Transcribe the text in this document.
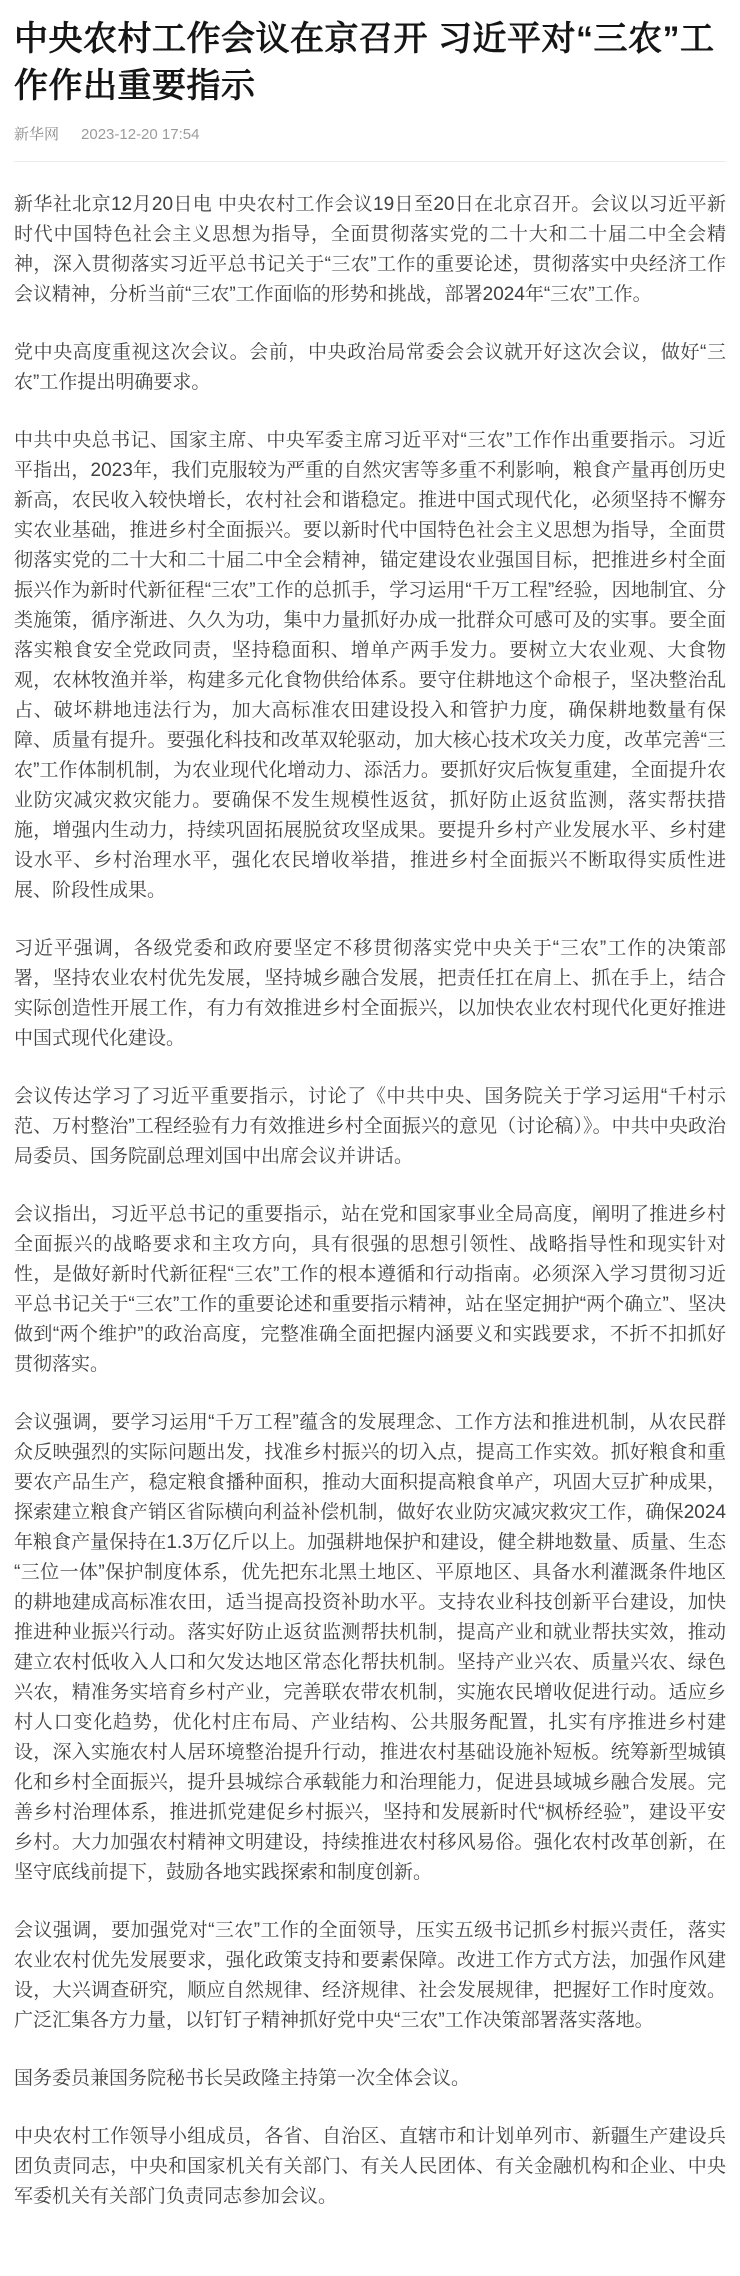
中央农村工作会议在京召开 习近平对“三农”工作作出重要指示
新华网 2023-12-20 17:54

新华社北京12月20日电 中央农村工作会议19日至20日在北京召开。会议以习近平新时代中国特色社会主义思想为指导，全面贯彻落实党的二十大和二十届二中全会精神，深入贯彻落实习近平总书记关于“三农”工作的重要论述，贯彻落实中央经济工作会议精神，分析当前“三农”工作面临的形势和挑战，部署2024年“三农”工作。

党中央高度重视这次会议。会前，中央政治局常委会会议就开好这次会议，做好“三农”工作提出明确要求。

中共中央总书记、国家主席、中央军委主席习近平对“三农”工作作出重要指示。习近平指出，2023年，我们克服较为严重的自然灾害等多重不利影响，粮食产量再创历史新高，农民收入较快增长，农村社会和谐稳定。推进中国式现代化，必须坚持不懈夯实农业基础，推进乡村全面振兴。要以新时代中国特色社会主义思想为指导，全面贯彻落实党的二十大和二十届二中全会精神，锚定建设农业强国目标，把推进乡村全面振兴作为新时代新征程“三农”工作的总抓手，学习运用“千万工程”经验，因地制宜、分类施策，循序渐进、久久为功，集中力量抓好办成一批群众可感可及的实事。要全面落实粮食安全党政同责，坚持稳面积、增单产两手发力。要树立大农业观、大食物观，农林牧渔并举，构建多元化食物供给体系。要守住耕地这个命根子，坚决整治乱占、破坏耕地违法行为，加大高标准农田建设投入和管护力度，确保耕地数量有保障、质量有提升。要强化科技和改革双轮驱动，加大核心技术攻关力度，改革完善“三农”工作体制机制，为农业现代化增动力、添活力。要抓好灾后恢复重建，全面提升农业防灾减灾救灾能力。要确保不发生规模性返贫，抓好防止返贫监测，落实帮扶措施，增强内生动力，持续巩固拓展脱贫攻坚成果。要提升乡村产业发展水平、乡村建设水平、乡村治理水平，强化农民增收举措，推进乡村全面振兴不断取得实质性进展、阶段性成果。

习近平强调，各级党委和政府要坚定不移贯彻落实党中央关于“三农”工作的决策部署，坚持农业农村优先发展，坚持城乡融合发展，把责任扛在肩上、抓在手上，结合实际创造性开展工作，有力有效推进乡村全面振兴，以加快农业农村现代化更好推进中国式现代化建设。

会议传达学习了习近平重要指示，讨论了《中共中央、国务院关于学习运用“千村示范、万村整治”工程经验有力有效推进乡村全面振兴的意见（讨论稿）》。中共中央政治局委员、国务院副总理刘国中出席会议并讲话。

会议指出，习近平总书记的重要指示，站在党和国家事业全局高度，阐明了推进乡村全面振兴的战略要求和主攻方向，具有很强的思想引领性、战略指导性和现实针对性，是做好新时代新征程“三农”工作的根本遵循和行动指南。必须深入学习贯彻习近平总书记关于“三农”工作的重要论述和重要指示精神，站在坚定拥护“两个确立”、坚决做到“两个维护”的政治高度，完整准确全面把握内涵要义和实践要求，不折不扣抓好贯彻落实。

会议强调，要学习运用“千万工程”蕴含的发展理念、工作方法和推进机制，从农民群众反映强烈的实际问题出发，找准乡村振兴的切入点，提高工作实效。抓好粮食和重要农产品生产，稳定粮食播种面积，推动大面积提高粮食单产，巩固大豆扩种成果，探索建立粮食产销区省际横向利益补偿机制，做好农业防灾减灾救灾工作，确保2024年粮食产量保持在1.3万亿斤以上。加强耕地保护和建设，健全耕地数量、质量、生态“三位一体”保护制度体系，优先把东北黑土地区、平原地区、具备水利灌溉条件地区的耕地建成高标准农田，适当提高投资补助水平。支持农业科技创新平台建设，加快推进种业振兴行动。落实好防止返贫监测帮扶机制，提高产业和就业帮扶实效，推动建立农村低收入人口和欠发达地区常态化帮扶机制。坚持产业兴农、质量兴农、绿色兴农，精准务实培育乡村产业，完善联农带农机制，实施农民增收促进行动。适应乡村人口变化趋势，优化村庄布局、产业结构、公共服务配置，扎实有序推进乡村建设，深入实施农村人居环境整治提升行动，推进农村基础设施补短板。统筹新型城镇化和乡村全面振兴，提升县城综合承载能力和治理能力，促进县域城乡融合发展。完善乡村治理体系，推进抓党建促乡村振兴，坚持和发展新时代“枫桥经验”，建设平安乡村。大力加强农村精神文明建设，持续推进农村移风易俗。强化农村改革创新，在坚守底线前提下，鼓励各地实践探索和制度创新。

会议强调，要加强党对“三农”工作的全面领导，压实五级书记抓乡村振兴责任，落实农业农村优先发展要求，强化政策支持和要素保障。改进工作方式方法，加强作风建设，大兴调查研究，顺应自然规律、经济规律、社会发展规律，把握好工作时度效。广泛汇集各方力量，以钉钉子精神抓好党中央“三农”工作决策部署落实落地。

国务委员兼国务院秘书长吴政隆主持第一次全体会议。

中央农村工作领导小组成员，各省、自治区、直辖市和计划单列市、新疆生产建设兵团负责同志，中央和国家机关有关部门、有关人民团体、有关金融机构和企业、中央军委机关有关部门负责同志参加会议。
